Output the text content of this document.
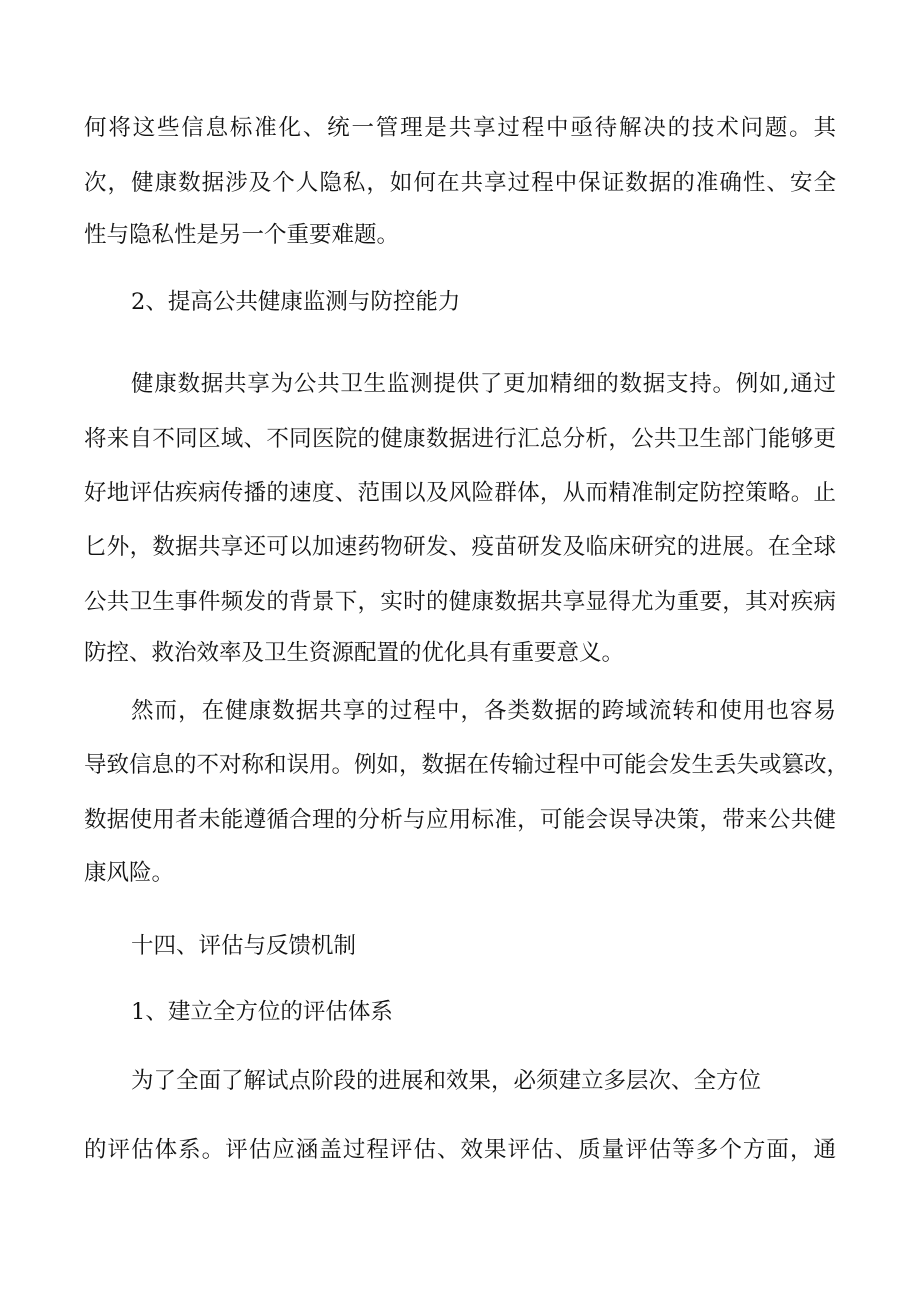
何将这些信息标准化、统一管理是共享过程中亟待解决的技术问题。其
次，健康数据涉及个人隐私，如何在共享过程中保证数据的准确性、安全
性与隐私性是另一个重要难题。
2、提高公共健康监测与防控能力
健康数据共享为公共卫生监测提供了更加精细的数据支持。例如,通过
将来自不同区域、不同医院的健康数据进行汇总分析，公共卫生部门能够更
好地评估疾病传播的速度、范围以及风险群体，从而精准制定防控策略。止
匕外，数据共享还可以加速药物研发、疫苗研发及临床研究的进展。在全球
公共卫生事件频发的背景下，实时的健康数据共享显得尤为重要，其对疾病
防控、救治效率及卫生资源配置的优化具有重要意义。
然而，在健康数据共享的过程中，各类数据的跨域流转和使用也容易
导致信息的不对称和误用。例如，数据在传输过程中可能会发生丢失或篡改，
数据使用者未能遵循合理的分析与应用标准，可能会误导决策，带来公共健
康风险。
十四、评估与反馈机制
1、建立全方位的评估体系
为了全面了解试点阶段的进展和效果，必须建立多层次、全方位
的评估体系。评估应涵盖过程评估、效果评估、质量评估等多个方面，通
